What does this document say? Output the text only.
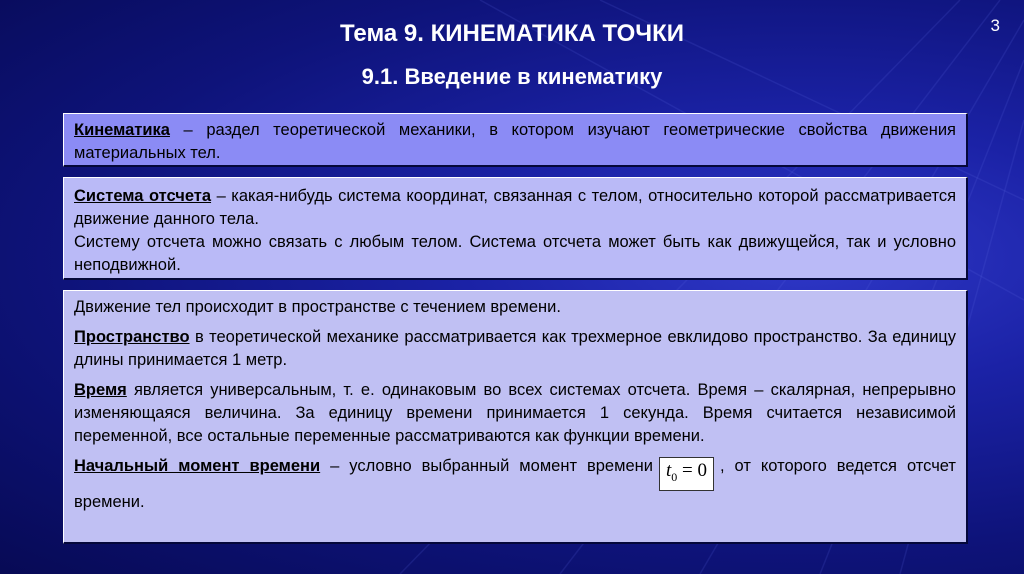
3
Тема 9. КИНЕМАТИКА ТОЧКИ
9.1. Введение в кинематику

Кинематика – раздел теоретической механики, в котором изучают геометрические свойства движения материальных тел.

Система отсчета – какая-нибудь система координат, связанная с телом, относительно которой рассматривается движение данного тела.

Систему отсчета можно связать с любым телом. Система отсчета может быть как движущейся, так и условно неподвижной.

Движение тел происходит в пространстве с течением времени.

Пространство в теоретической механике рассматривается как трехмерное евклидово пространство. За единицу длины принимается 1 метр.

Время является универсальным, т. е. одинаковым во всех системах отсчета. Время – скалярная, непрерывно изменяющаяся величина. За единицу времени принимается 1 секунда. Время считается независимой переменной, все остальные переменные рассматриваются как функции времени.

Начальный момент времени – условно выбранный момент времени $t_0 = 0$ , от которого ведется отсчет времени.
